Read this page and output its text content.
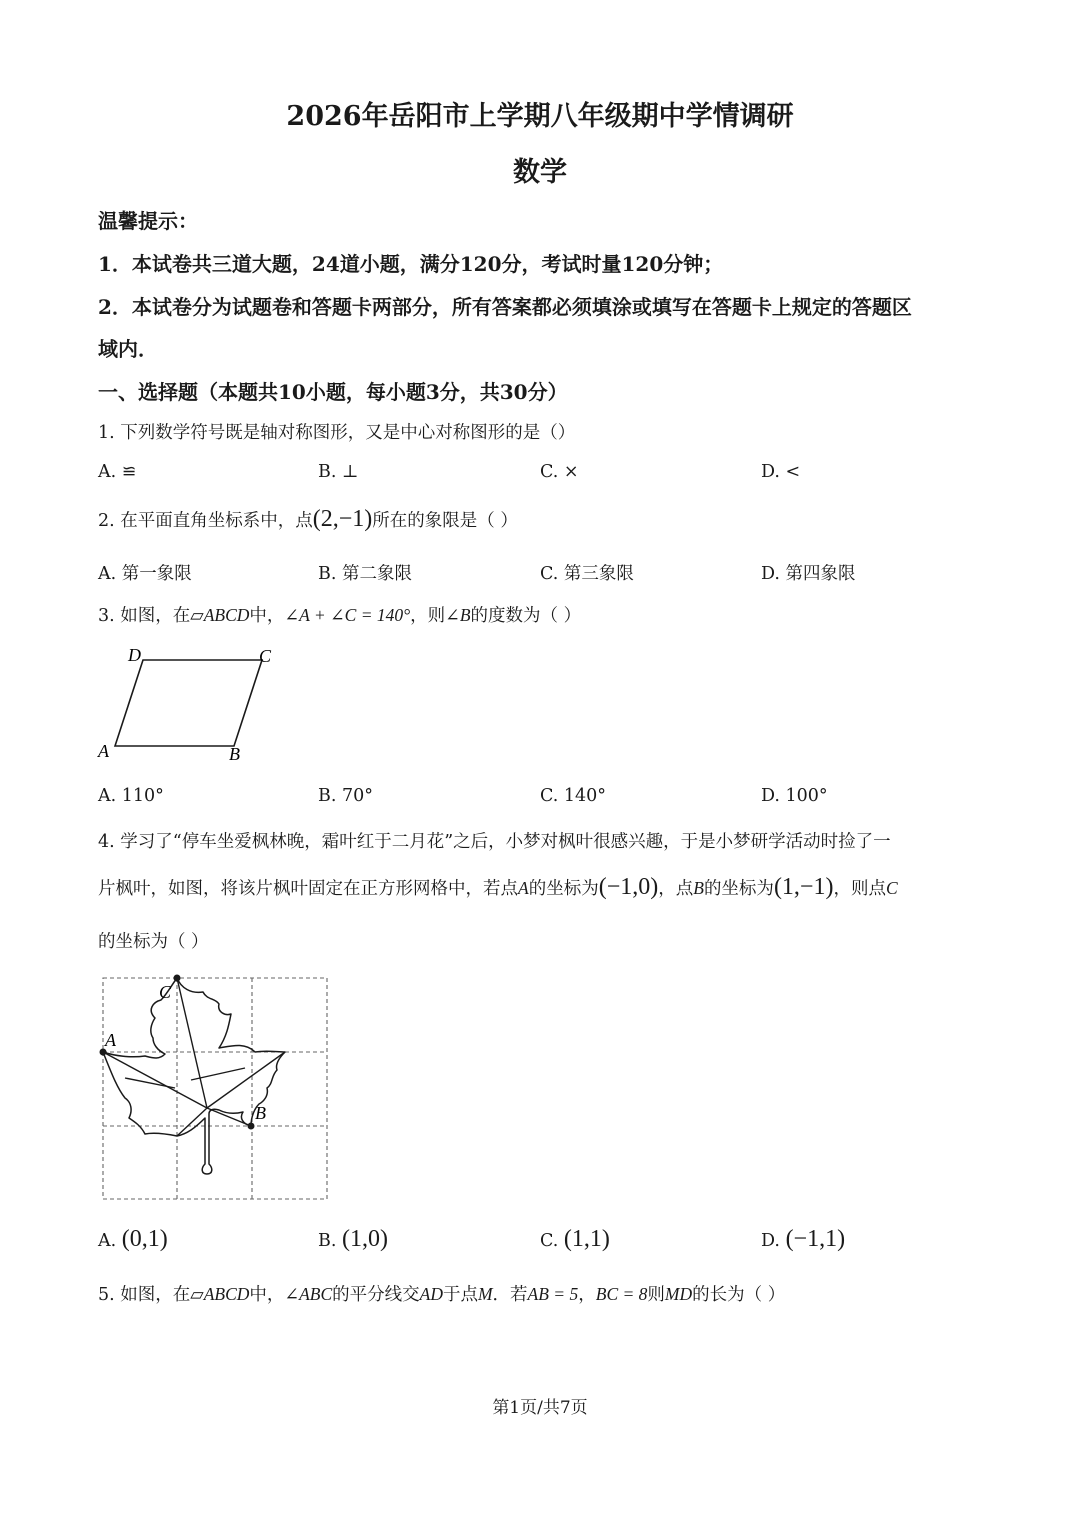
2026年岳阳市上学期八年级期中学情调研
数学
温馨提示：
1．本试卷共三道大题，24道小题，满分120分，考试时量120分钟；
2．本试卷分为试题卷和答题卡两部分，所有答案都必须填涂或填写在答题卡上规定的答题区
域内．
一、选择题（本题共10小题，每小题3分，共30分）
1. 下列数学符号既是轴对称图形，又是中心对称图形的是（）
A. ≌	B. ⊥	C. ×	D. <
2. 在平面直角坐标系中，点(2,−1)所在的象限是（ ）
A. 第一象限	B. 第二象限	C. 第三象限	D. 第四象限
3. 如图，在▱ABCD中，∠A + ∠C = 140°，则∠B的度数为（ ）
D	C
A	B
A. 110°	B. 70°	C. 140°	D. 100°
4. 学习了“停车坐爱枫林晚，霜叶红于二月花”之后，小梦对枫叶很感兴趣，于是小梦研学活动时捡了一
片枫叶，如图，将该片枫叶固定在正方形网格中，若点A的坐标为(−1,0)，点B的坐标为(1,−1)，则点C
的坐标为（ ）
C
A
B
A. (0,1)	B. (1,0)	C. (1,1)	D. (−1,1)
5. 如图，在▱ABCD中，∠ABC的平分线交AD于点M．若AB = 5，BC = 8则MD的长为（ ）
第1页/共7页
